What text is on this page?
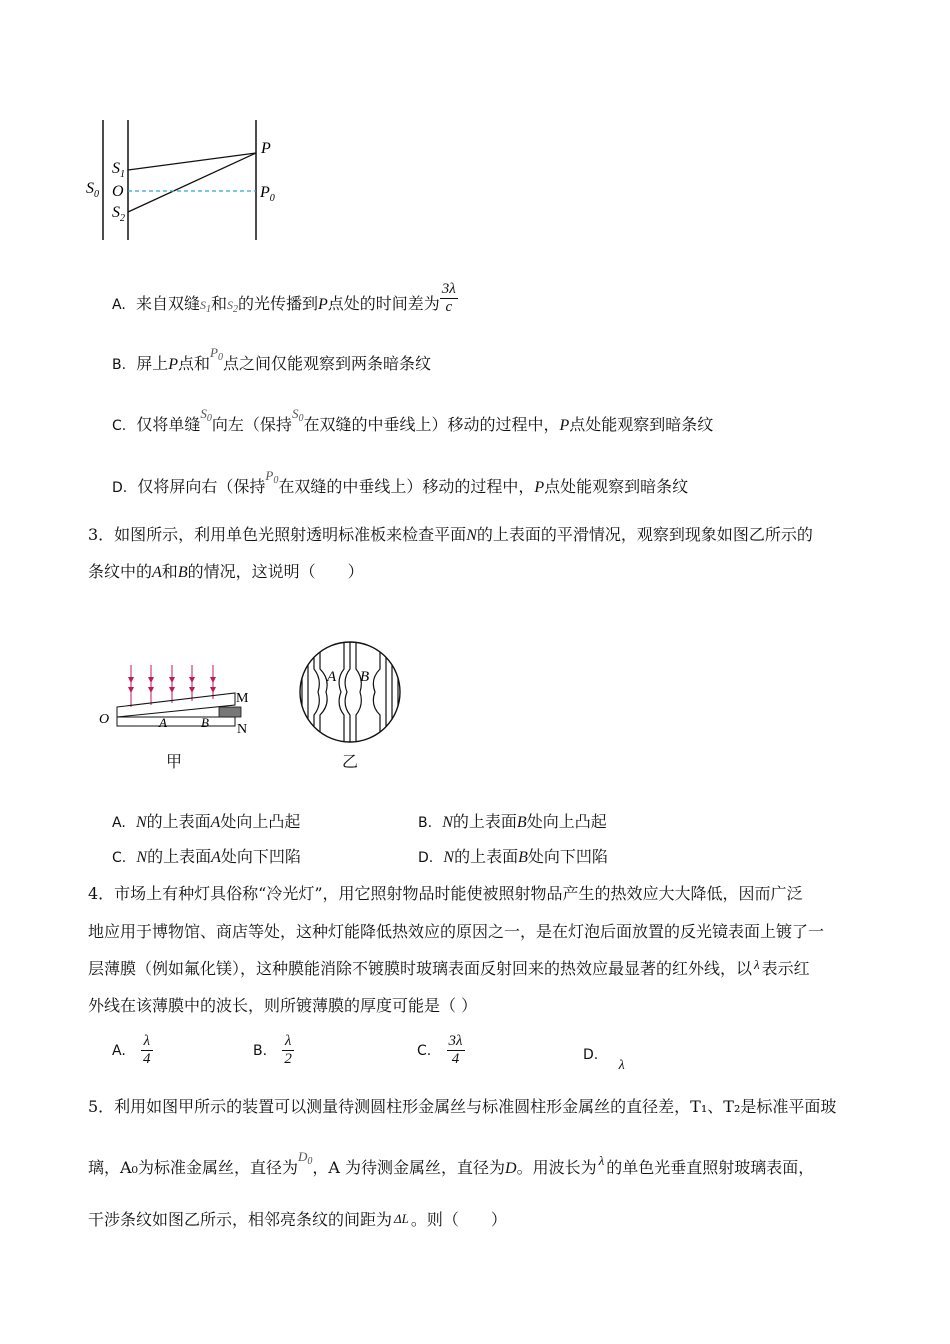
$S_0$
$S_1$
O
$S_2$
P
$P_0$
A. 来自双缝$S_1$和$S_2$的光传播到P点处的时间差为 $\frac{3\lambda}{c}$
B. 屏上P点和$^{P_0}$点之间仅能观察到两条暗条纹
C. 仅将单缝$^{S_0}$向左（保持$^{S_0}$在双缝的中垂线上）移动的过程中，P点处能观察到暗条纹
D. 仅将屏向右（保持$^{P_0}$在双缝的中垂线上）移动的过程中，P点处能观察到暗条纹
3．如图所示，利用单色光照射透明标准板来检查平面N的上表面的平滑情况，观察到现象如图乙所示的
条纹中的A和B的情况，这说明（　　）
M
N
O	A	B
甲
A B
乙
A. N的上表面A处向上凸起	B. N的上表面B处向上凸起
C. N的上表面A处向下凹陷	D. N的上表面B处向下凹陷
4．市场上有种灯具俗称“冷光灯”，用它照射物品时能使被照射物品产生的热效应大大降低，因而广泛
地应用于博物馆、商店等处，这种灯能降低热效应的原因之一，是在灯泡后面放置的反光镜表面上镀了一
层薄膜（例如氟化镁），这种膜能消除不镀膜时玻璃表面反射回来的热效应最显著的红外线，以 $^\lambda$ 表示红
外线在该薄膜中的波长，则所镀薄膜的厚度可能是（ ）
A. $\frac{\lambda}{4}$	B. $\frac{\lambda}{2}$	C. $\frac{3\lambda}{4}$	D.    λ
5．利用如图甲所示的装置可以测量待测圆柱形金属丝与标准圆柱形金属丝的直径差，T₁、T₂是标准平面玻
璃，A₀为标准金属丝，直径为$^{D_0}$，A 为待测金属丝，直径为D。用波长为 $^\lambda$ 的单色光垂直照射玻璃表面，
干涉条纹如图乙所示，相邻亮条纹的间距为 ΔL 。则（　　）
